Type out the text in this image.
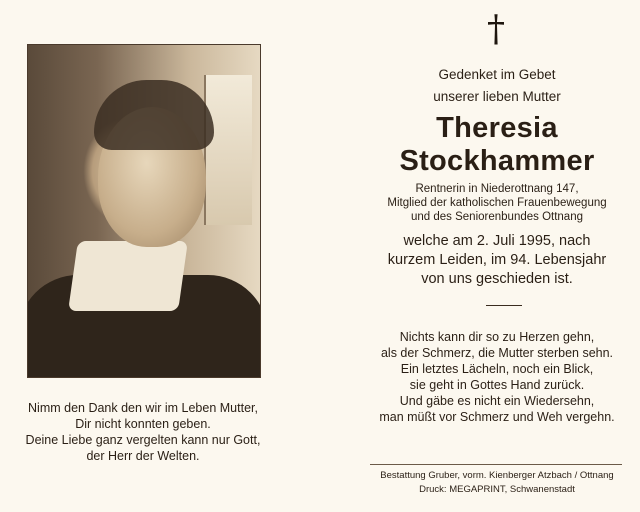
Nimm den Dank den wir im Leben Mutter,
Dir nicht konnten geben.
Deine Liebe ganz vergelten kann nur Gott,
der Herr der Welten.
†
Gedenket im Gebet
unserer lieben Mutter
Theresia
Stockhammer
Rentnerin in Niederottnang 147,
Mitglied der katholischen Frauenbewegung
und des Seniorenbundes Ottnang
welche am 2. Juli 1995, nach
kurzem Leiden, im 94. Lebensjahr
von uns geschieden ist.
Nichts kann dir so zu Herzen gehn,
als der Schmerz, die Mutter sterben sehn.
Ein letztes Lächeln, noch ein Blick,
sie geht in Gottes Hand zurück.
Und gäbe es nicht ein Wiedersehn,
man müßt vor Schmerz und Weh vergehn.
Bestattung Gruber, vorm. Kienberger Atzbach / Ottnang
Druck: MEGAPRINT, Schwanenstadt
